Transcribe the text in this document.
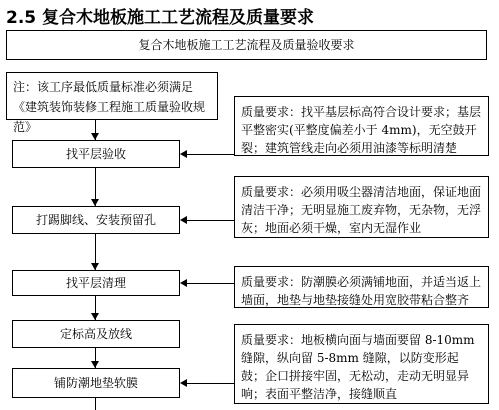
2.5 复合木地板施工工艺流程及质量要求
复合木地板施工工艺流程及质量验收要求
注：该工序最低质量标准必须满足《建筑装饰装修工程施工质量验收规范》
找平层验收
打踢脚线、安装预留孔
找平层清理
定标高及放线
铺防潮地垫软膜
质量要求：找平基层标高符合设计要求；基层平整密实(平整度偏差小于 4mm)，无空鼓开裂；建筑管线走向必须用油漆等标明清楚
质量要求：必须用吸尘器清洁地面，保证地面清洁干净；无明显施工废弃物，无杂物，无浮灰；地面必须干燥，室内无湿作业
质量要求：防潮膜必须满铺地面，并适当返上墙面，地垫与地垫接缝处用宽胶带粘合整齐
质量要求：地板横向面与墙面要留 8-10mm 缝隙，纵向留 5-8mm 缝隙，以防变形起鼓；企口拼接牢固，无松动，走动无明显异响；表面平整洁净，接缝顺直
